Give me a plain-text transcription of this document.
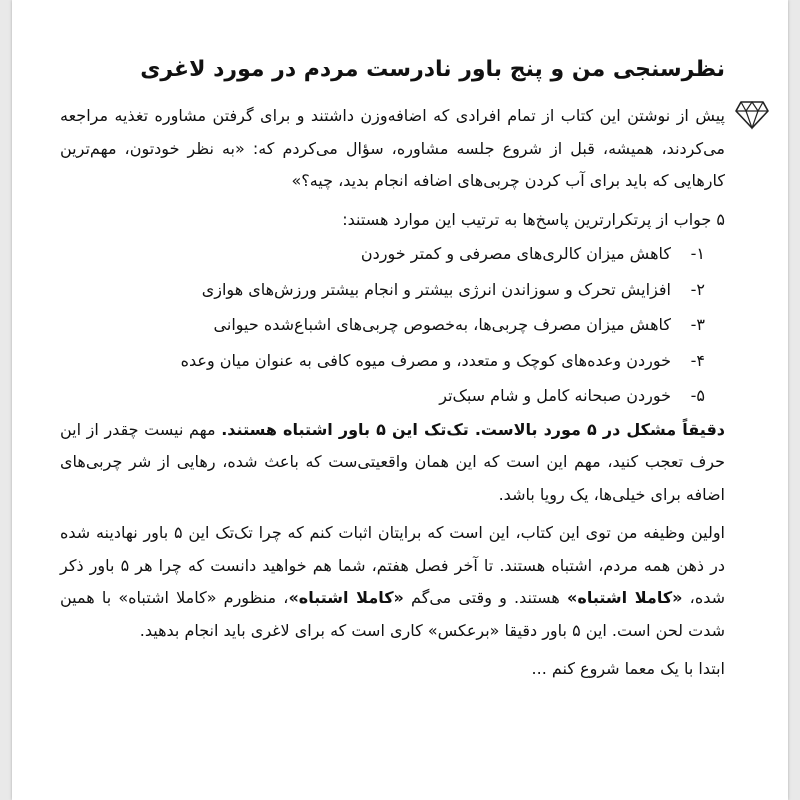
نظرسنجی من و پنج باور نادرست مردم در مورد لاغری

پیش از نوشتن این کتاب از تمام افرادی که اضافه‌وزن داشتند و برای گرفتن مشاوره تغذیه مراجعه می‌کردند، همیشه، قبل از شروع جلسه مشاوره، سؤال می‌کردم که: «به نظر خودتون، مهم‌ترین کارهایی که باید برای آب کردن چربی‌های اضافه انجام بدید، چیه؟»

۵ جواب از پرتکرارترین پاسخ‌ها به ترتیب این موارد هستند:

۱-
کاهش میزان کالری‌های مصرفی و کمتر خوردن
۲-
افزایش تحرک و سوزاندن انرژی بیشتر و انجام بیشتر ورزش‌های هوازی
۳-
کاهش میزان مصرف چربی‌ها، به‌خصوص چربی‌های اشباع‌شده حیوانی
۴-
خوردن وعده‌های کوچک و متعدد، و مصرف میوه کافی به عنوان میان وعده
۵-
خوردن صبحانه کامل و شام سبک‌تر

دقیقاً مشکل در ۵ مورد بالاست. تک‌تک این ۵ باور اشتباه هستند. مهم نیست چقدر از این حرف تعجب کنید، مهم این است که این همان واقعیتی‌ست که باعث شده، رهایی از شر چربی‌های اضافه برای خیلی‌ها، یک رویا باشد.

اولین وظیفه من توی این کتاب، این است که برایتان اثبات کنم که چرا تک‌تک این ۵ باور نهادینه شده در ذهن همه مردم، اشتباه هستند. تا آخر فصل هفتم، شما هم خواهید دانست که چرا هر ۵ باور ذکر شده، «کاملا اشتباه» هستند. و وقتی می‌گم «کاملا اشتباه»، منظورم «کاملا اشتباه» با همین شدت لحن است. این ۵ باور دقیقا «برعکس» کاری است که برای لاغری باید انجام بدهید.

ابتدا با یک معما شروع کنم ...
